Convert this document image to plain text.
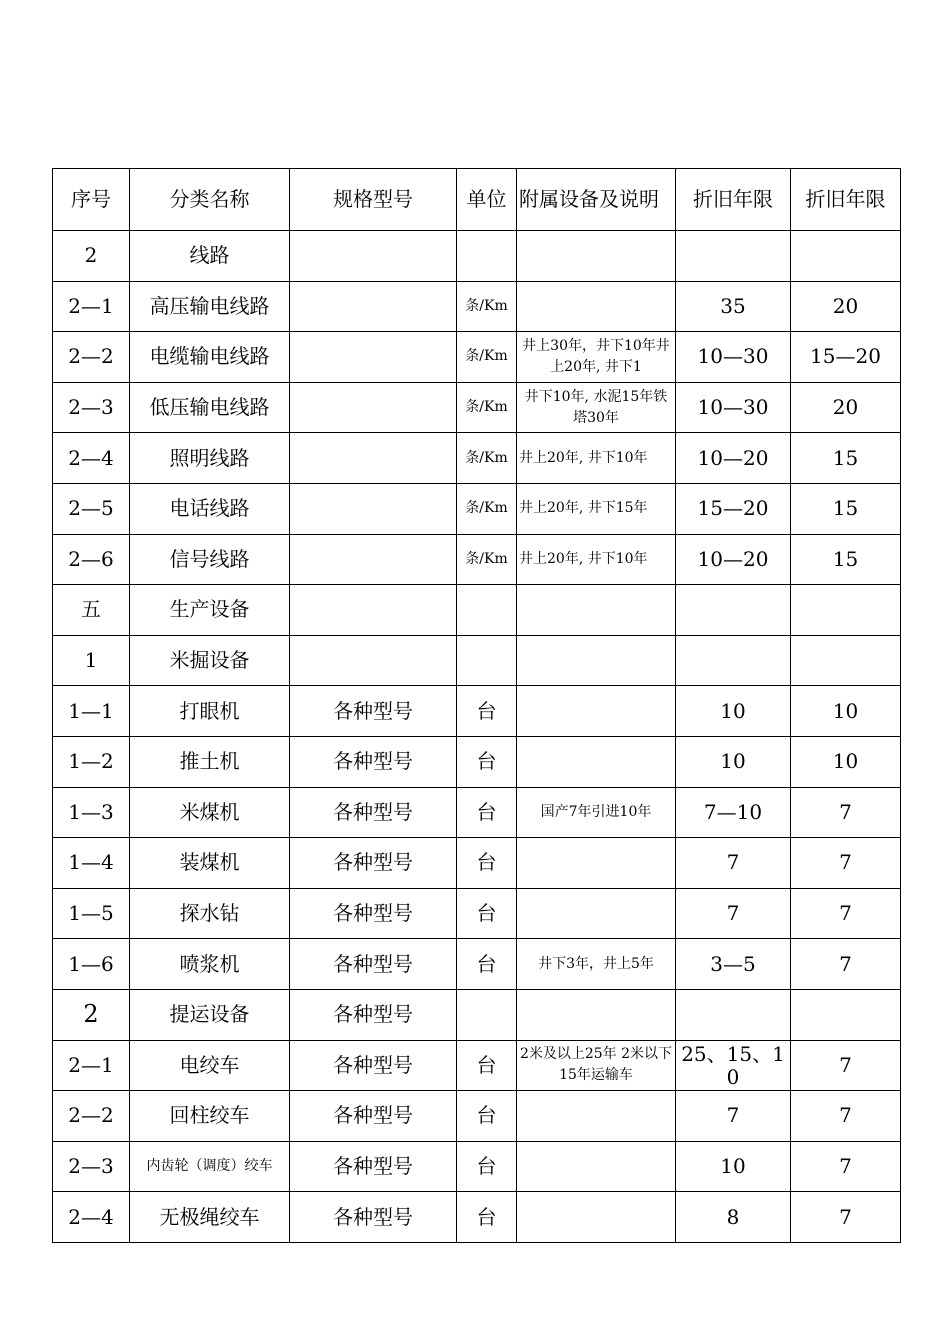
序号	分类名称	规格型号	单位	附属设备及说明	折旧年限	折旧年限

2	线路					

2—1	高压输电线路		条/Km		35	20

2—2	电缆输电线路		条/Km	井上30年，井下10年井上20年, 井下1	10—30	15—20

2—3	低压输电线路		条/Km	井下10年, 水泥15年铁塔30年	10—30	20

2—4	照明线路		条/Km	井上20年, 井下10年	10—20	15

2—5	电话线路		条/Km	井上20年, 井下15年	15—20	15

2—6	信号线路		条/Km	井上20年, 井下10年	10—20	15

五	生产设备					

1	米掘设备					

1—1	打眼机	各种型号	台		10	10

1—2	推土机	各种型号	台		10	10

1—3	米煤机	各种型号	台	国产7年引进10年	7—10	7

1—4	装煤机	各种型号	台		7	7

1—5	探水钻	各种型号	台		7	7

1—6	喷浆机	各种型号	台	井下3年，井上5年	3—5	7

2	提运设备	各种型号				

2—1	电绞车	各种型号	台	2米及以上25年 2米以下15年运输车	25、15、10	7

2—2	回柱绞车	各种型号	台		7	7

2—3	内齿轮（调度）绞车	各种型号	台		10	7

2—4	无极绳绞车	各种型号	台		8	7
